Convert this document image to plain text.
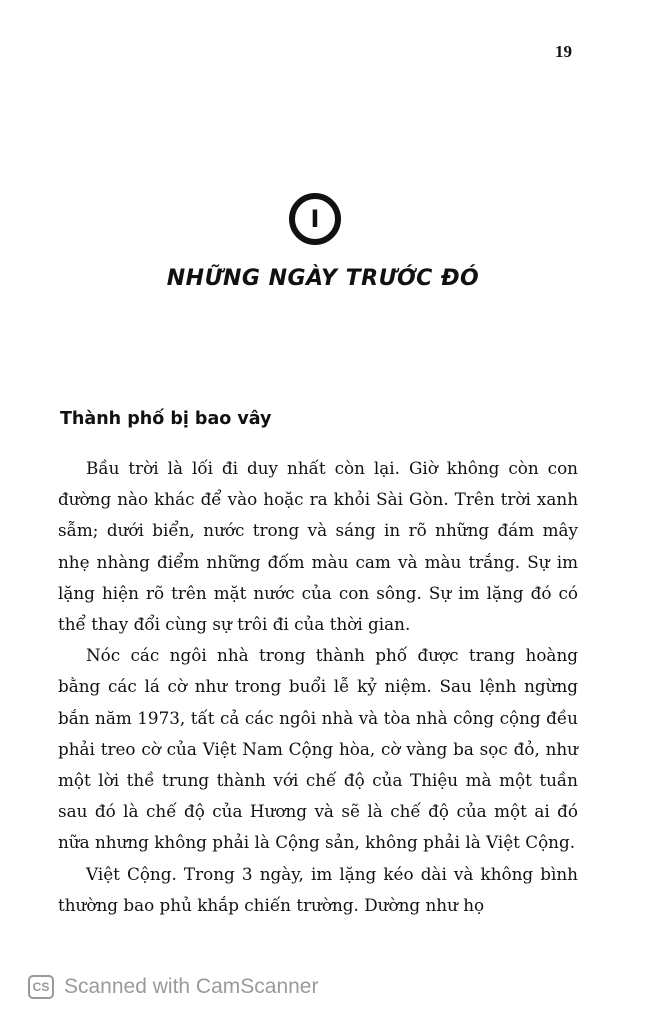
19
I
NHỮNG NGÀY TRƯỚC ĐÓ
Thành phố bị bao vây

Bầu trời là lối đi duy nhất còn lại. Giờ không còn con đường nào khác để vào hoặc ra khỏi Sài Gòn. Trên trời xanh sẫm; dưới biển, nước trong và sáng in rõ những đám mây nhẹ nhàng điểm những đốm màu cam và màu trắng. Sự im lặng hiện rõ trên mặt nước của con sông. Sự im lặng đó có thể thay đổi cùng sự trôi đi của thời gian.

Nóc các ngôi nhà trong thành phố được trang hoàng bằng các lá cờ như trong buổi lễ kỷ niệm. Sau lệnh ngừng bắn năm 1973, tất cả các ngôi nhà và tòa nhà công cộng đều phải treo cờ của Việt Nam Cộng hòa, cờ vàng ba sọc đỏ, như một lời thề trung thành với chế độ của Thiệu mà một tuần sau đó là chế độ của Hương và sẽ là chế độ của một ai đó nữa nhưng không phải là Cộng sản, không phải là Việt Cộng.

Việt Cộng. Trong 3 ngày, im lặng kéo dài và không bình thường bao phủ khắp chiến trường. Dường như họ

CS Scanned with CamScanner
